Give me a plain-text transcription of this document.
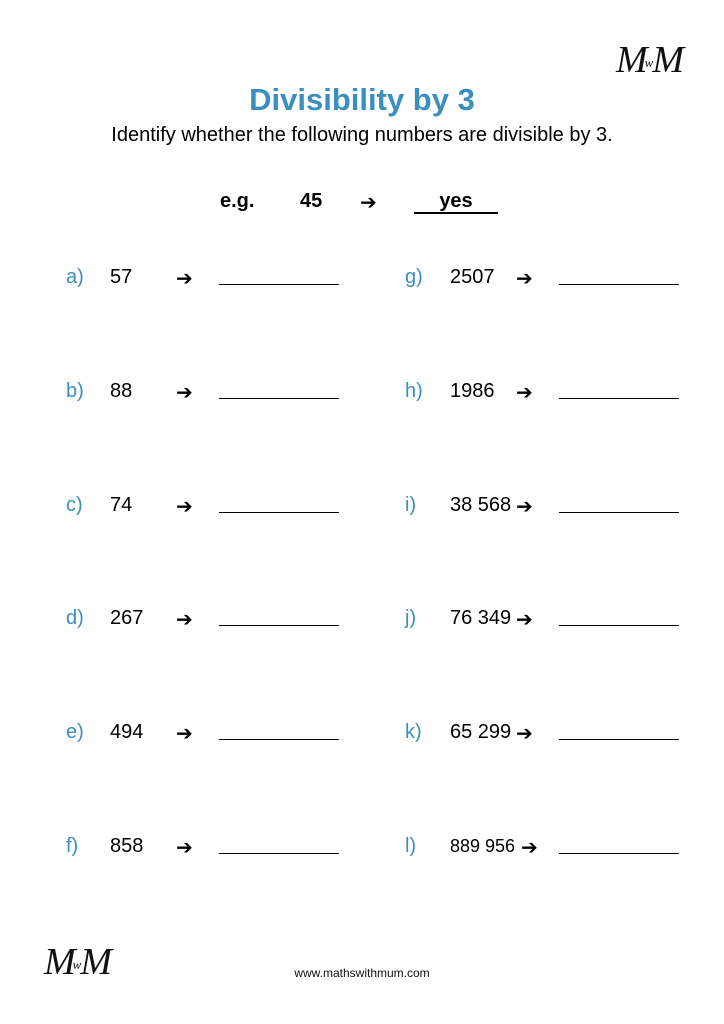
MwM
Divisibility by 3
Identify whether the following numbers are divisible by 3.
e.g. 45 ➔	yes
a) 57 ➔
b) 88 ➔
c) 74 ➔
d) 267 ➔
e) 494 ➔
f) 858 ➔
g) 2507 ➔
h) 1986 ➔
i) 38 568 ➔
j) 76 349 ➔
k) 65 299 ➔
l) 889 956 ➔
MwM	www.mathswithmum.com
